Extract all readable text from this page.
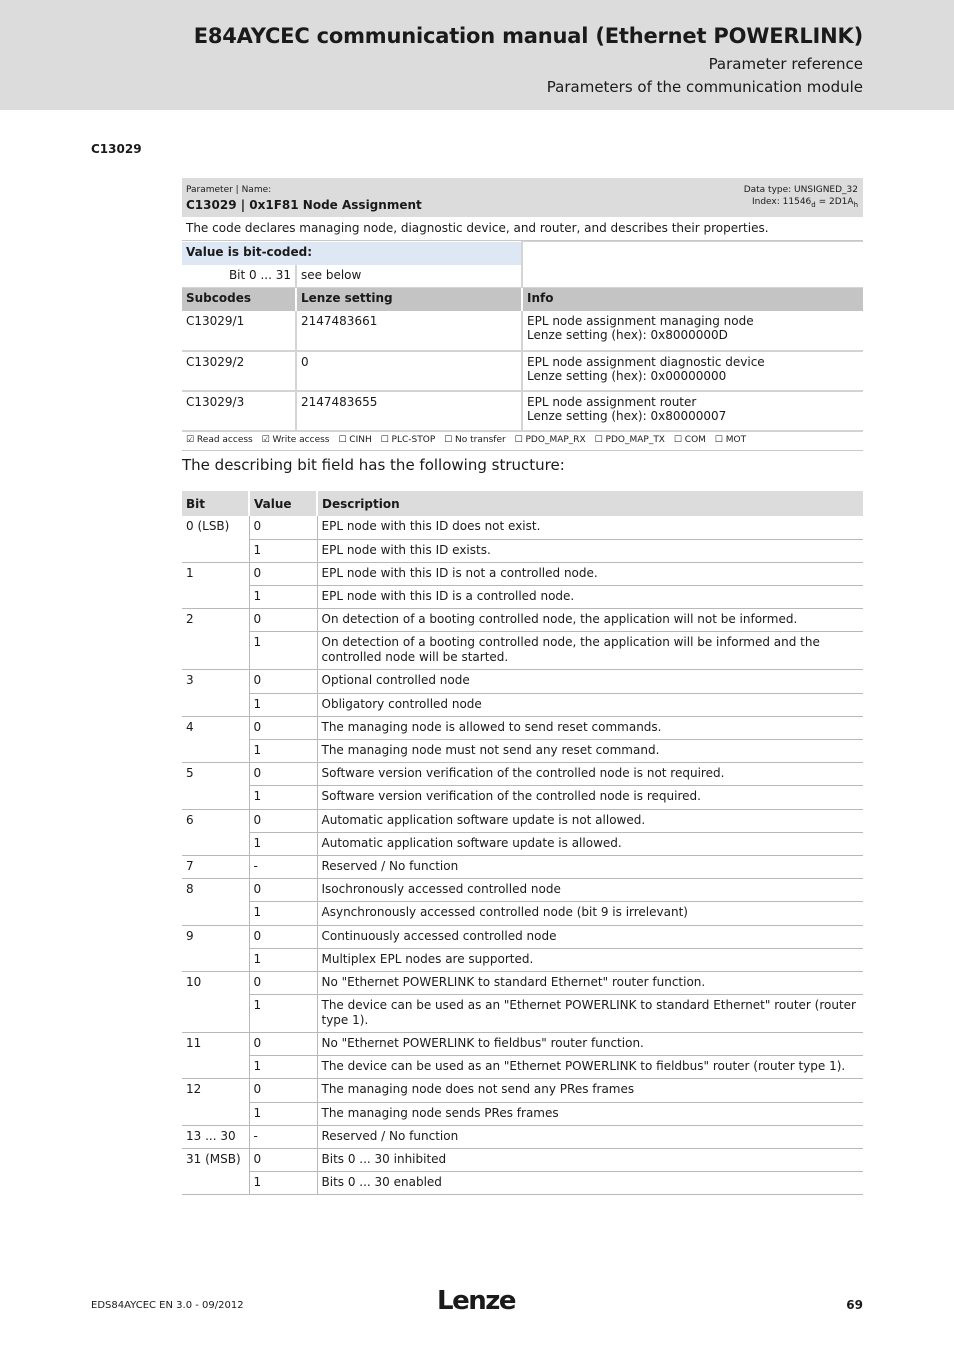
E84AYCEC communication manual (Ethernet POWERLINK)
Parameter reference
Parameters of the communication module
C13029
Parameter | Name:
C13029 | 0x1F81 Node Assignment
Data type: UNSIGNED_32
Index: $11546_d = 2D1A_h$
The code declares managing node, diagnostic device, and router, and describes their properties.
Value is bit-coded:		
Bit 0 ... 31	see below	
Subcodes	Lenze setting	Info
C13029/1	2147483661	EPL node assignment managing node
Lenze setting (hex): 0x8000000D

C13029/2	0	EPL node assignment diagnostic device
Lenze setting (hex): 0x00000000

C13029/3	2147483655	EPL node assignment router
Lenze setting (hex): 0x80000007
☑ Read access ☑ Write access ☐ CINH ☐ PLC-STOP ☐ No transfer ☐ PDO_MAP_RX ☐ PDO_MAP_TX ☐ COM ☐ MOT
The describing bit field has the following structure:
Bit	Value	Description
0 (LSB)	0	EPL node with this ID does not exist.
	1	EPL node with this ID exists.
1	0	EPL node with this ID is not a controlled node.
	1	EPL node with this ID is a controlled node.
2	0	On detection of a booting controlled node, the application will not be informed.
	1	On detection of a booting controlled node, the application will be informed and the controlled node will be started.
3	0	Optional controlled node
	1	Obligatory controlled node
4	0	The managing node is allowed to send reset commands.
	1	The managing node must not send any reset command.
5	0	Software version verification of the controlled node is not required.
	1	Software version verification of the controlled node is required.
6	0	Automatic application software update is not allowed.
	1	Automatic application software update is allowed.
7	-	Reserved / No function
8	0	Isochronously accessed controlled node
	1	Asynchronously accessed controlled node (bit 9 is irrelevant)
9	0	Continuously accessed controlled node
	1	Multiplex EPL nodes are supported.
10	0	No "Ethernet POWERLINK to standard Ethernet" router function.
	1	The device can be used as an "Ethernet POWERLINK to standard Ethernet" router (router type 1).
11	0	No "Ethernet POWERLINK to fieldbus" router function.
	1	The device can be used as an "Ethernet POWERLINK to fieldbus" router (router type 1).
12	0	The managing node does not send any PRes frames
	1	The managing node sends PRes frames
13 ... 30	-	Reserved / No function
31 (MSB)	0	Bits 0 ... 30 inhibited
	1	Bits 0 ... 30 enabled
EDS84AYCEC EN 3.0 - 09/2012	Lenze	69
